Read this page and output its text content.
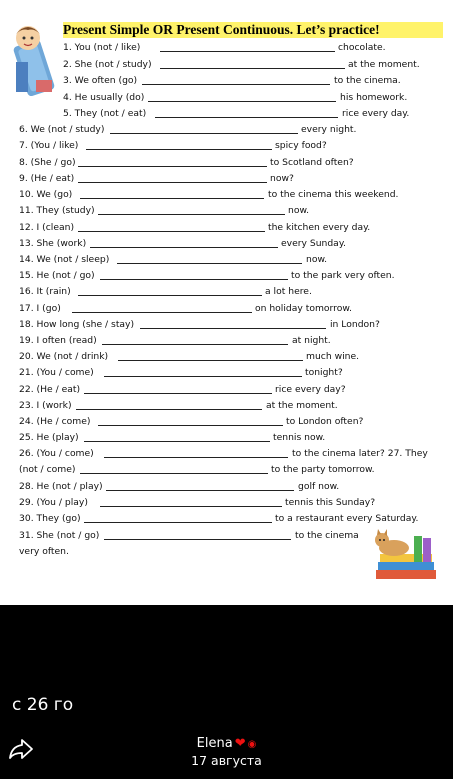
Present Simple OR Present Continuous. Let’s practice!
1. You (not / like)	chocolate.
2. She (not / study)	at the moment.
3. We often (go)	to the cinema.
4. He usually (do)	his homework.
5. They (not / eat)	rice every day.
6. We (not / study)	every night.
7. (You / like)	spicy food?
8. (She / go)	to Scotland often?
9. (He / eat)	now?
10. We (go)	to the cinema this weekend.
11. They (study)	now.
12. I (clean)	the kitchen every day.
13. She (work)	every Sunday.
14. We (not / sleep)	now.
15. He (not / go)	to the park very often.
16. It (rain)	a lot here.
17. I (go)	on holiday tomorrow.
18. How long (she / stay)	in London?
19. I often (read)	at night.
20. We (not / drink)	much wine.
21. (You / come)	tonight?
22. (He / eat)	rice every day?
23. I (work)	at the moment.
24. (He / come)	to London often?
25. He (play)	tennis now.
26. (You / come)	to the cinema later? 27. They
(not / come)	to the party tomorrow.
28. He (not / play)	golf now.
29. (You / play)	tennis this Sunday?
30. They (go)	to a restaurant every Saturday.
31. She (not / go)	to the cinema
very often.
с 26 го
Elena ❤ ◉
17 августа
